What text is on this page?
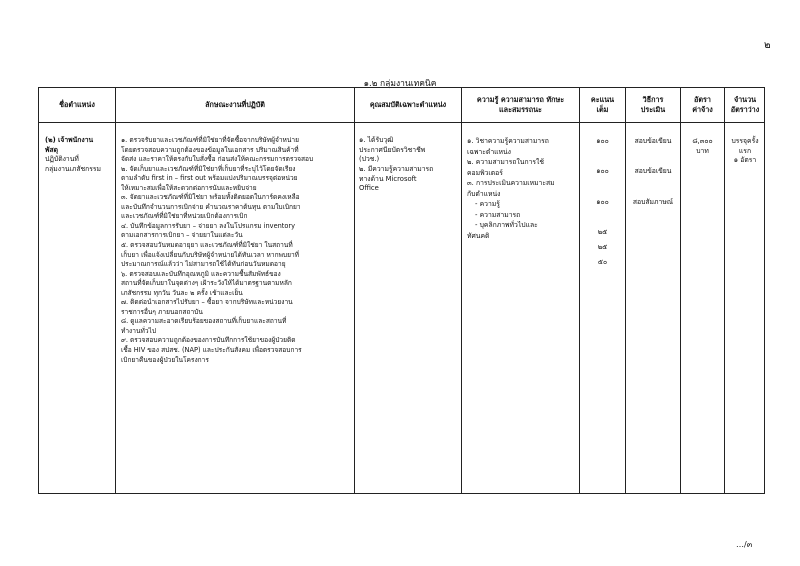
๒
๑.๒ กลุ่มงานเทคนิค
ชื่อตำแหน่ง	ลักษณะงานที่ปฏิบัติ	คุณสมบัติเฉพาะตำแหน่ง
ความรู้ ความสามารถ ทักษะ
และสมรรถนะ
คะแนน
เต็ม
วิธีการ
ประเมิน
อัตรา
ค่าจ้าง
จำนวน
อัตราว่าง
(๒) เจ้าพนักงาน
พัสดุ
ปฏิบัติงานที่
กลุ่มงานเภสัชกรรม
๑. ตรวจรับยาและเวชภัณฑ์ที่มิใช่ยาที่จัดซื้อจากบริษัทผู้จำหน่าย
โดยตรวจสอบความถูกต้องของข้อมูลในเอกสาร ปริมาณสินค้าที่
จัดส่ง และราคาให้ตรงกับใบสั่งซื้อ ก่อนส่งให้คณะกรรมการตรวจสอบ
๒. จัดเก็บยาและเวชภัณฑ์ที่มิใช่ยาที่เก็บยาที่ระบุไว้โดยจัดเรียง
ตามลำดับ first in – first out พร้อมแบ่งปริมาณบรรจุต่อหน่วย
ให้เหมาะสมเพื่อให้สะดวกต่อการนับและหยิบจ่าย
๓. จัดยาและเวชภัณฑ์ที่มิใช่ยา พร้อมทั้งติดยอดในการ์ดคงเหลือ
และบันทึกจำนวนการเบิกจ่าย คำนวณราคาต้นทุน ตามใบเบิกยา
และเวชภัณฑ์ที่มิใช่ยาที่หน่วยเบิกต้องการเบิก
๔. บันทึกข้อมูลการรับยา – จ่ายยา ลงในโปรแกรม inventory
ตามเอกสารการเบิกยา – จ่ายยาในแต่ละวัน
๕. ตรวจสอบวันหมดอายุยา และเวชภัณฑ์ที่มิใช่ยา ในสถานที่
เก็บยา เพื่อแจ้งเปลี่ยนกับบริษัทผู้จำหน่ายได้ทันเวลา หากพบยาที่
ประมาณการณ์แล้วว่า ไม่สามารถใช้ได้ทันก่อนวันหมดอายุ
๖. ตรวจสอบและบันทึกอุณหภูมิ และความชื้นสัมพัทธ์ของ
สถานที่จัดเก็บยาในจุดต่างๆ เฝ้าระวังให้ได้มาตรฐานตามหลัก
เภสัชกรรม ทุกวัน วันละ ๒ ครั้ง เช้าและเย็น
๗. ติดต่อนำเอกสารไปรับยา – ซื้อยา จากบริษัทและหน่วยงาน
ราชการอื่นๆ ภายนอกสถาบัน
๘. ดูแลความสะอาดเรียบร้อยของสถานที่เก็บยาและสถานที่
ทำงานทั่วไป
๙. ตรวจสอบความถูกต้องของการบันทึกการใช้ยาของผู้ป่วยติด
เชื้อ HIV ของ สปสช. (NAP) และประกันสังคม เพื่อตรวจสอบการ
เบิกยาคืนของผู้ป่วยในโครงการ
๑. ได้รับวุฒิ
ประกาศนียบัตรวิชาชีพ
(ปวช.)
๒. มีความรู้ความสามารถ
ทางด้าน Microsoft
Office
๑. วิชาความรู้ความสามารถ
เฉพาะตำแหน่ง
๒. ความสามารถในการใช้
คอมพิวเตอร์
๓. การประเมินความเหมาะสม
กับตำแหน่ง
- ความรู้
- ความสามารถ
- บุคลิกภาพทั่วไปและ
ทัศนคติ
๑๐๐
๑๐๐
๑๐๐
๒๕
๒๕
๕๐
สอบข้อเขียน
สอบข้อเขียน
สอบสัมภาษณ์
๘,๓๐๐
บาท
บรรจุครั้ง
แรก
๑ อัตรา
…/๓
